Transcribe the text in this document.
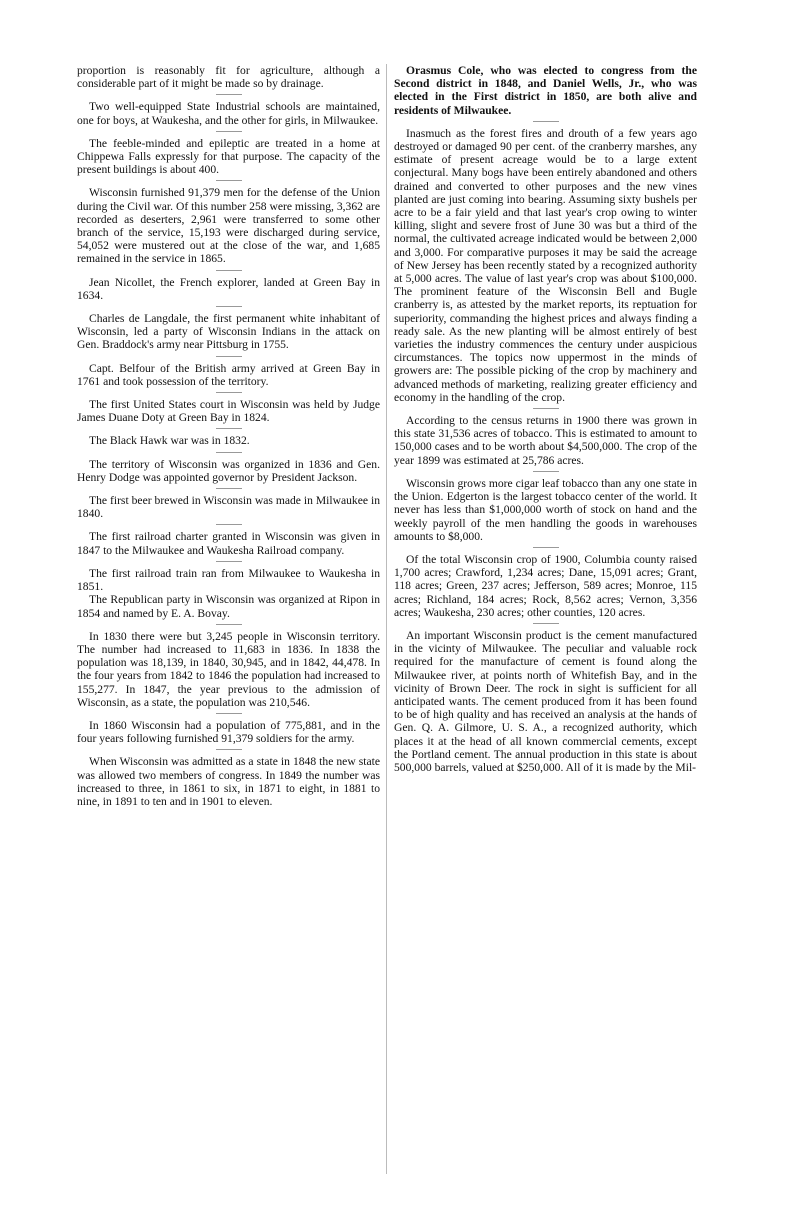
proportion is reasonably fit for agriculture, although a considerable part of it might be made so by drainage.

Two well-equipped State Industrial schools are maintained, one for boys, at Waukesha, and the other for girls, in Milwaukee.

The feeble-minded and epileptic are treated in a home at Chippewa Falls expressly for that purpose. The capacity of the present buildings is about 400.

Wisconsin furnished 91,379 men for the defense of the Union during the Civil war. Of this number 258 were missing, 3,362 are recorded as deserters, 2,961 were transferred to some other branch of the service, 15,193 were discharged during service, 54,052 were mustered out at the close of the war, and 1,685 remained in the service in 1865.

Jean Nicollet, the French explorer, landed at Green Bay in 1634.

Charles de Langdale, the first permanent white inhabitant of Wisconsin, led a party of Wisconsin Indians in the attack on Gen. Braddock's army near Pittsburg in 1755.

Capt. Belfour of the British army arrived at Green Bay in 1761 and took possession of the territory.

The first United States court in Wisconsin was held by Judge James Duane Doty at Green Bay in 1824.

The Black Hawk war was in 1832.

The territory of Wisconsin was organized in 1836 and Gen. Henry Dodge was appointed governor by President Jackson.

The first beer brewed in Wisconsin was made in Milwaukee in 1840.

The first railroad charter granted in Wisconsin was given in 1847 to the Milwaukee and Waukesha Railroad company.

The first railroad train ran from Milwaukee to Waukesha in 1851.

The Republican party in Wisconsin was organized at Ripon in 1854 and named by E. A. Bovay.

In 1830 there were but 3,245 people in Wisconsin territory. The number had increased to 11,683 in 1836. In 1838 the population was 18,139, in 1840, 30,945, and in 1842, 44,478. In the four years from 1842 to 1846 the population had increased to 155,277. In 1847, the year previous to the admission of Wisconsin, as a state, the population was 210,546.

In 1860 Wisconsin had a population of 775,881, and in the four years following furnished 91,379 soldiers for the army.

When Wisconsin was admitted as a state in 1848 the new state was allowed two members of congress. In 1849 the number was increased to three, in 1861 to six, in 1871 to eight, in 1881 to nine, in 1891 to ten and in 1901 to eleven.

Orasmus Cole, who was elected to congress from the Second district in 1848, and Daniel Wells, Jr., who was elected in the First district in 1850, are both alive and residents of Milwaukee.

Inasmuch as the forest fires and drouth of a few years ago destroyed or damaged 90 per cent. of the cranberry marshes, any estimate of present acreage would be to a large extent conjectural. Many bogs have been entirely abandoned and others drained and converted to other purposes and the new vines planted are just coming into bearing. Assuming sixty bushels per acre to be a fair yield and that last year's crop owing to winter killing, slight and severe frost of June 30 was but a third of the normal, the cultivated acreage indicated would be between 2,000 and 3,000. For comparative purposes it may be said the acreage of New Jersey has been recently stated by a recognized authority at 5,000 acres. The value of last year's crop was about $100,000. The prominent feature of the Wisconsin Bell and Bugle cranberry is, as attested by the market reports, its reptuation for superiority, commanding the highest prices and always finding a ready sale. As the new planting will be almost entirely of best varieties the industry commences the century under auspicious circumstances. The topics now uppermost in the minds of growers are: The possible picking of the crop by machinery and advanced methods of marketing, realizing greater efficiency and economy in the handling of the crop.

According to the census returns in 1900 there was grown in this state 31,536 acres of tobacco. This is estimated to amount to 150,000 cases and to be worth about $4,500,000. The crop of the year 1899 was estimated at 25,786 acres.

Wisconsin grows more cigar leaf tobacco than any one state in the Union. Edgerton is the largest tobacco center of the world. It never has less than $1,000,000 worth of stock on hand and the weekly payroll of the men handling the goods in warehouses amounts to $8,000.

Of the total Wisconsin crop of 1900, Columbia county raised 1,700 acres; Crawford, 1,234 acres; Dane, 15,091 acres; Grant, 118 acres; Green, 237 acres; Jefferson, 589 acres; Monroe, 115 acres; Richland, 184 acres; Rock, 8,562 acres; Vernon, 3,356 acres; Waukesha, 230 acres; other counties, 120 acres.

An important Wisconsin product is the cement manufactured in the vicinty of Milwaukee. The peculiar and valuable rock required for the manufacture of cement is found along the Milwaukee river, at points north of Whitefish Bay, and in the vicinity of Brown Deer. The rock in sight is sufficient for all anticipated wants. The cement produced from it has been found to be of high quality and has received an analysis at the hands of Gen. Q. A. Gilmore, U. S. A., a recognized authority, which places it at the head of all known commercial cements, except the Portland cement. The annual production in this state is about 500,000 barrels, valued at $250,000. All of it is made by the Mil-
